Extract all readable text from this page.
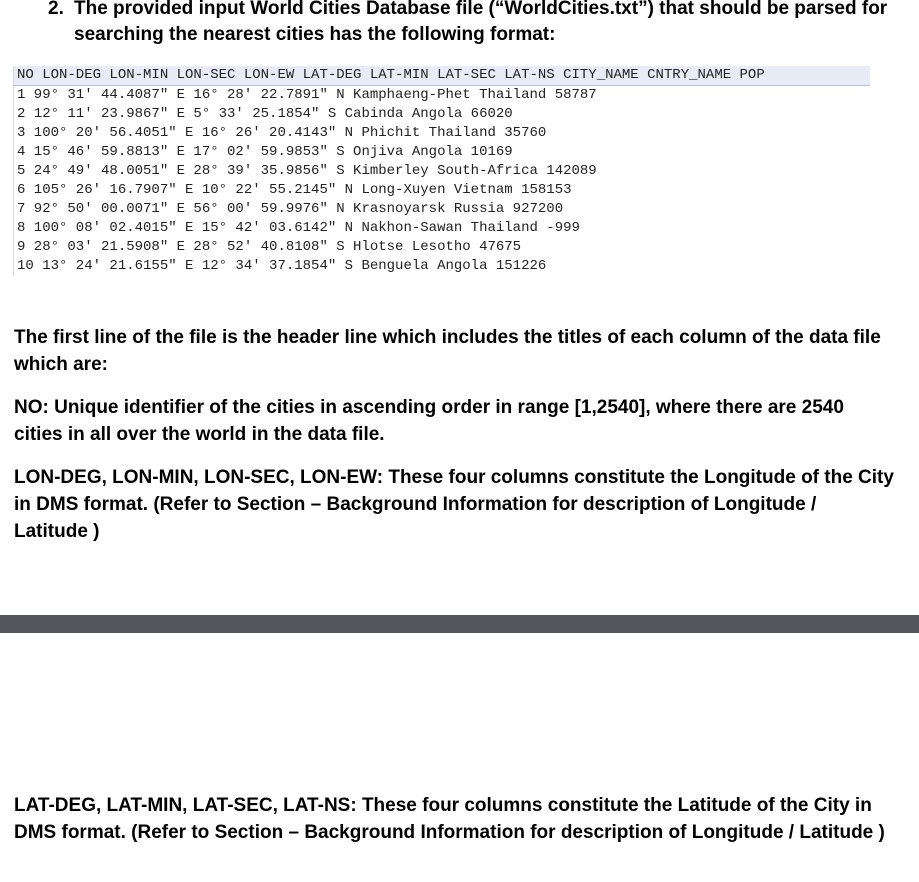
2. The provided input World Cities Database file (“WorldCities.txt”) that should be parsed for searching the nearest cities has the following format:
NO LON-DEG LON-MIN LON-SEC LON-EW LAT-DEG LAT-MIN LAT-SEC LAT-NS CITY_NAME CNTRY_NAME POP
1 99° 31' 44.4087" E 16° 28' 22.7891" N Kamphaeng-Phet Thailand 58787
2 12° 11' 23.9867" E 5° 33' 25.1854" S Cabinda Angola 66020
3 100° 20' 56.4051" E 16° 26' 20.4143" N Phichit Thailand 35760
4 15° 46' 59.8813" E 17° 02' 59.9853" S Onjiva Angola 10169
5 24° 49' 48.0051" E 28° 39' 35.9856" S Kimberley South-Africa 142089
6 105° 26' 16.7907" E 10° 22' 55.2145" N Long-Xuyen Vietnam 158153
7 92° 50' 00.0071" E 56° 00' 59.9976" N Krasnoyarsk Russia 927200
8 100° 08' 02.4015" E 15° 42' 03.6142" N Nakhon-Sawan Thailand -999
9 28° 03' 21.5908" E 28° 52' 40.8108" S Hlotse Lesotho 47675
10 13° 24' 21.6155" E 12° 34' 37.1854" S Benguela Angola 151226
The first line of the file is the header line which includes the titles of each column of the data file which are:
NO: Unique identifier of the cities in ascending order in range [1,2540], where there are 2540 cities in all over the world in the data file.
LON-DEG, LON-MIN, LON-SEC, LON-EW: These four columns constitute the Longitude of the City in DMS format. (Refer to Section – Background Information for description of Longitude / Latitude )
LAT-DEG, LAT-MIN, LAT-SEC, LAT-NS: These four columns constitute the Latitude of the City in DMS format. (Refer to Section – Background Information for description of Longitude / Latitude )
